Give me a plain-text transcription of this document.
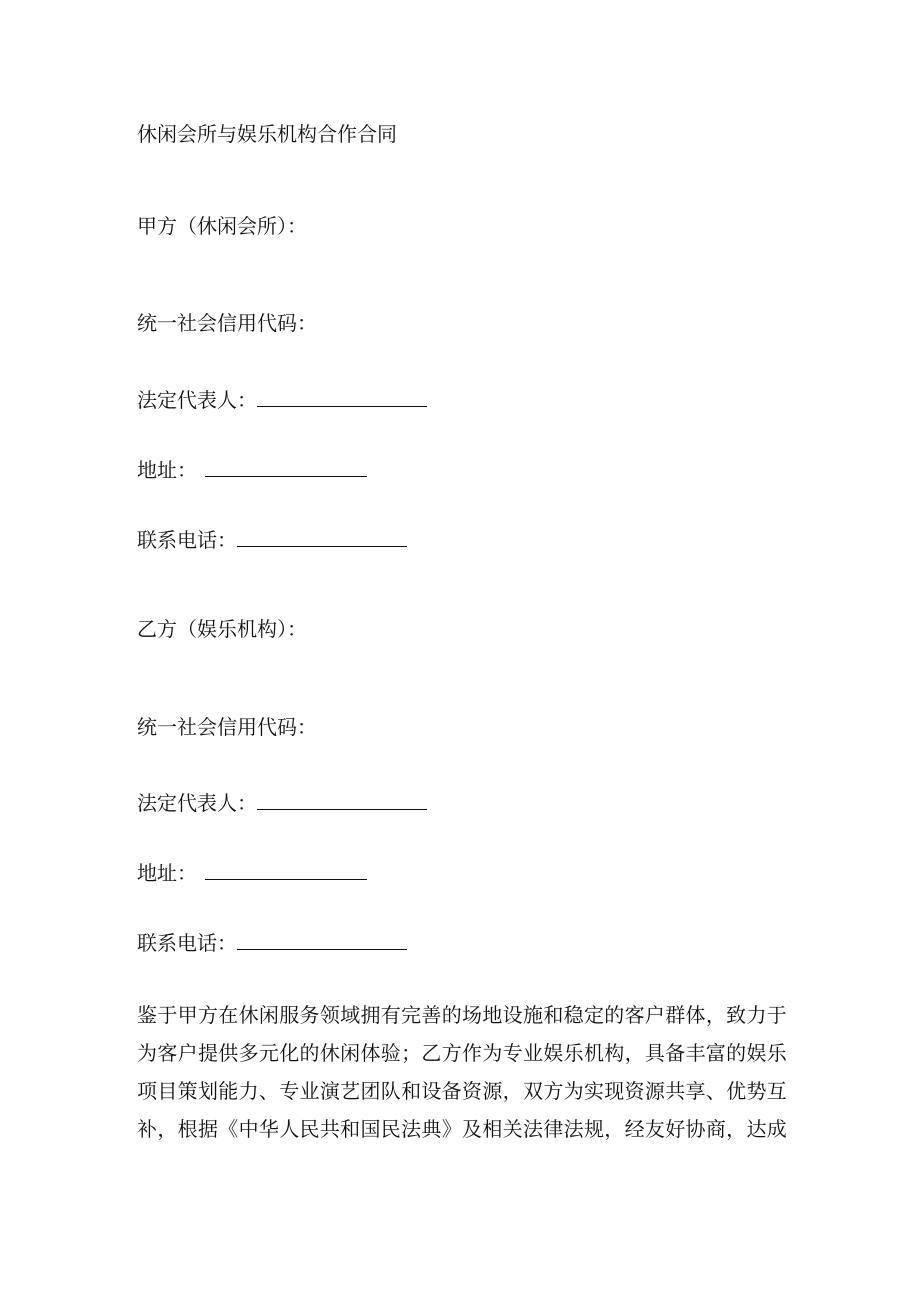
休闲会所与娱乐机构合作合同
甲方（休闲会所）：
统一社会信用代码：
法定代表人：
地址：
联系电话：
乙方（娱乐机构）：
统一社会信用代码：
法定代表人：
地址：
联系电话：
鉴于甲方在休闲服务领域拥有完善的场地设施和稳定的客户群体，致力于
为客户提供多元化的休闲体验；乙方作为专业娱乐机构，具备丰富的娱乐
项目策划能力、专业演艺团队和设备资源，双方为实现资源共享、优势互
补，根据《中华人民共和国民法典》及相关法律法规，经友好协商，达成
